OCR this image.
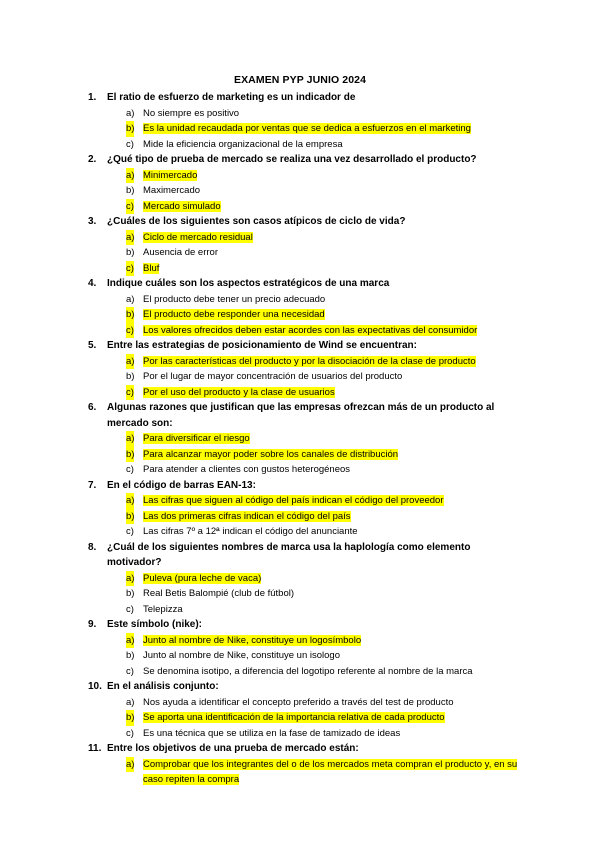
EXAMEN PYP JUNIO 2024
1. El ratio de esfuerzo de marketing es un indicador de
a) No siempre es positivo
b) Es la unidad recaudada por ventas que se dedica a esfuerzos en el marketing
c) Mide la eficiencia organizacional de la empresa
2. ¿Qué tipo de prueba de mercado se realiza una vez desarrollado el producto?
a) Minimercado
b) Maximercado
c) Mercado simulado
3. ¿Cuáles de los siguientes son casos atípicos de ciclo de vida?
a) Ciclo de mercado residual
b) Ausencia de error
c) Bluf
4. Indique cuáles son los aspectos estratégicos de una marca
a) El producto debe tener un precio adecuado
b) El producto debe responder una necesidad
c) Los valores ofrecidos deben estar acordes con las expectativas del consumidor
5. Entre las estrategias de posicionamiento de Wind se encuentran:
a) Por las características del producto y por la disociación de la clase de producto
b) Por el lugar de mayor concentración de usuarios del producto
c) Por el uso del producto y la clase de usuarios
6. Algunas razones que justifican que las empresas ofrezcan más de un producto al mercado son:
a) Para diversificar el riesgo
b) Para alcanzar mayor poder sobre los canales de distribución
c) Para atender a clientes con gustos heterogéneos
7. En el código de barras EAN-13:
a) Las cifras que siguen al código del país indican el código del proveedor
b) Las dos primeras cifras indican el código del país
c) Las cifras 7º a 12ª indican el código del anunciante
8. ¿Cuál de los siguientes nombres de marca usa la haplología como elemento motivador?
a) Puleva (pura leche de vaca)
b) Real Betis Balompié (club de fútbol)
c) Telepizza
9. Este símbolo (nike):
a) Junto al nombre de Nike, constituye un logosímbolo
b) Junto al nombre de Nike, constituye un isologo
c) Se denomina isotipo, a diferencia del logotipo referente al nombre de la marca
10. En el análisis conjunto:
a) Nos ayuda a identificar el concepto preferido a través del test de producto
b) Se aporta una identificación de la importancia relativa de cada producto
c) Es una técnica que se utiliza en la fase de tamizado de ideas
11. Entre los objetivos de una prueba de mercado están:
a) Comprobar que los integrantes del o de los mercados meta compran el producto y, en su caso repiten la compra
